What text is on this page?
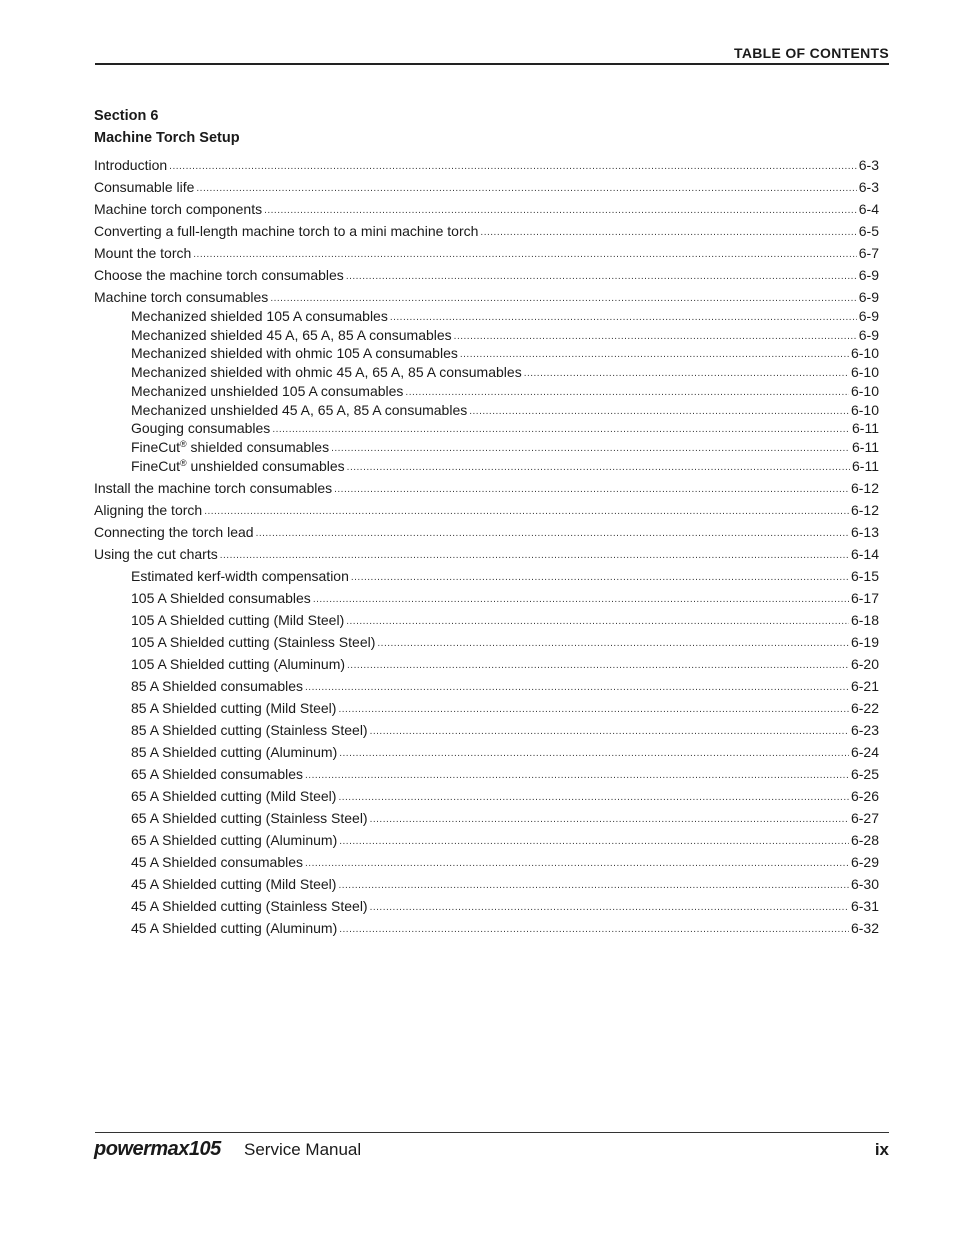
TABLE OF CONTENTS
Section 6
Machine Torch Setup
Introduction .....	6-3
Consumable life .....	6-3
Machine torch components .....	6-4
Converting a full-length machine torch to a mini machine torch .....	6-5
Mount the torch .....	6-7
Choose the machine torch consumables .....	6-9
Machine torch consumables .....	6-9
Mechanized shielded 105 A consumables .....	6-9
Mechanized shielded 45 A, 65 A, 85 A consumables .....	6-9
Mechanized shielded with ohmic 105 A consumables .....	6-10
Mechanized shielded with ohmic 45 A, 65 A, 85 A consumables .....	6-10
Mechanized unshielded 105 A consumables .....	6-10
Mechanized unshielded 45 A, 65 A, 85 A consumables .....	6-10
Gouging consumables .....	6-11
FineCut® shielded consumables .....	6-11
FineCut® unshielded consumables .....	6-11
Install the machine torch consumables .....	6-12
Aligning the torch .....	6-12
Connecting the torch lead .....	6-13
Using the cut charts .....	6-14
Estimated kerf-width compensation .....	6-15
105 A Shielded consumables .....	6-17
105 A Shielded cutting (Mild Steel) .....	6-18
105 A Shielded cutting (Stainless Steel) .....	6-19
105 A Shielded cutting (Aluminum) .....	6-20
85 A Shielded consumables .....	6-21
85 A Shielded cutting (Mild Steel) .....	6-22
85 A Shielded cutting (Stainless Steel) .....	6-23
85 A Shielded cutting (Aluminum) .....	6-24
65 A Shielded consumables .....	6-25
65 A Shielded cutting (Mild Steel) .....	6-26
65 A Shielded cutting (Stainless Steel) .....	6-27
65 A Shielded cutting (Aluminum) .....	6-28
45 A Shielded consumables .....	6-29
45 A Shielded cutting (Mild Steel) .....	6-30
45 A Shielded cutting (Stainless Steel) .....	6-31
45 A Shielded cutting (Aluminum) .....	6-32
powermax105 Service Manual	ix
